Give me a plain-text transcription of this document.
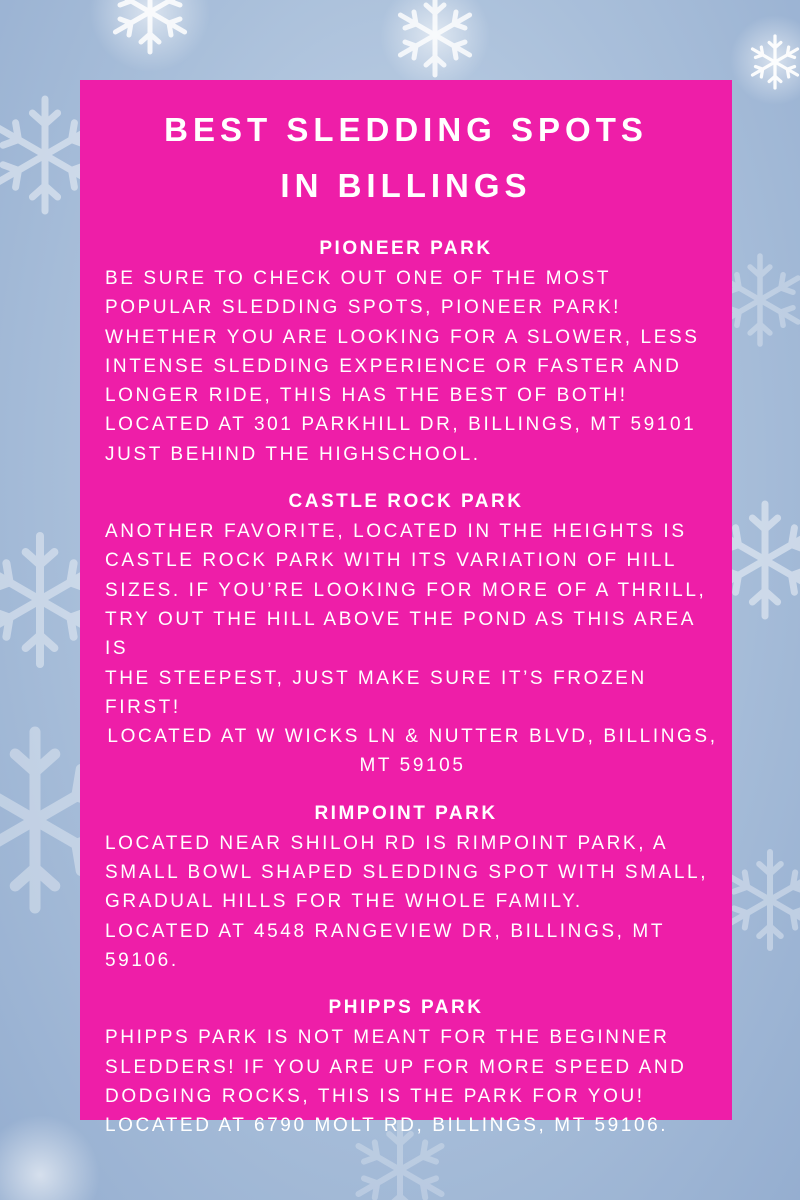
BEST SLEDDING SPOTS
IN BILLINGS
PIONEER PARK
BE SURE TO CHECK OUT ONE OF THE MOST
POPULAR SLEDDING SPOTS, PIONEER PARK!
WHETHER YOU ARE LOOKING FOR A SLOWER, LESS
INTENSE SLEDDING EXPERIENCE OR FASTER AND
LONGER RIDE, THIS HAS THE BEST OF BOTH!
LOCATED AT 301 PARKHILL DR, BILLINGS, MT 59101
JUST BEHIND THE HIGHSCHOOL.
CASTLE ROCK PARK
ANOTHER FAVORITE, LOCATED IN THE HEIGHTS IS
CASTLE ROCK PARK WITH ITS VARIATION OF HILL
SIZES. IF YOU’RE LOOKING FOR MORE OF A THRILL,
TRY OUT THE HILL ABOVE THE POND AS THIS AREA IS
THE STEEPEST, JUST MAKE SURE IT’S FROZEN FIRST!
LOCATED AT W WICKS LN & NUTTER BLVD, BILLINGS,
MT 59105
RIMPOINT PARK
LOCATED NEAR SHILOH RD IS RIMPOINT PARK, A
SMALL BOWL SHAPED SLEDDING SPOT WITH SMALL,
GRADUAL HILLS FOR THE WHOLE FAMILY.
LOCATED AT 4548 RANGEVIEW DR, BILLINGS, MT
59106.
PHIPPS PARK
PHIPPS PARK IS NOT MEANT FOR THE BEGINNER
SLEDDERS! IF YOU ARE UP FOR MORE SPEED AND
DODGING ROCKS, THIS IS THE PARK FOR YOU!
LOCATED AT 6790 MOLT RD, BILLINGS, MT 59106.
